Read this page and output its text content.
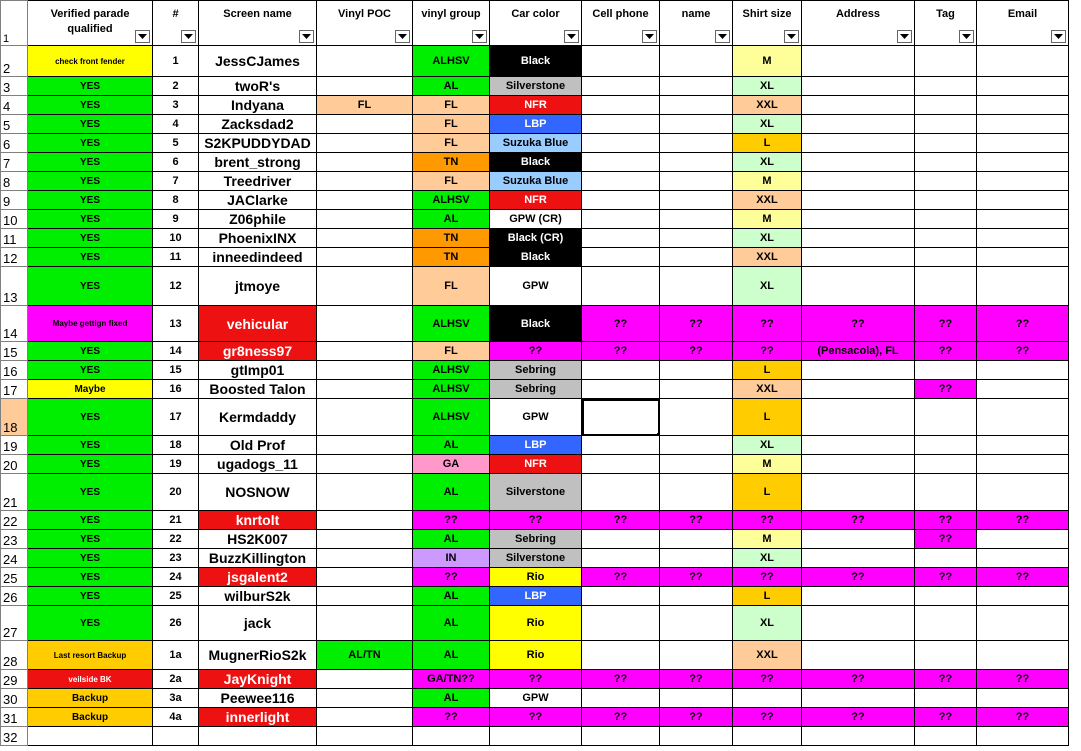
1	Verified parade qualified	#	Screen name	Vinyl POC	vinyl group	Car color	Cell phone	name	Shirt size	Address	Tag	Email

2	check front fender	1	JessCJames		ALHSV	Black			M			
3	YES	2	twoR's		AL	Silverstone			XL			
4	YES	3	Indyana	FL	FL	NFR			XXL			
5	YES	4	Zacksdad2		FL	LBP			XL			
6	YES	5	S2KPUDDYDAD		FL	Suzuka Blue			L			
7	YES	6	brent_strong		TN	Black			XL			
8	YES	7	Treedriver		FL	Suzuka Blue			M			
9	YES	8	JAClarke		ALHSV	NFR			XXL			
10	YES	9	Z06phile		AL	GPW (CR)			M			
11	YES	10	PhoenixINX		TN	Black (CR)			XL			
12	YES	11	inneedindeed		TN	Black			XXL			
13	YES	12	jtmoye		FL	GPW			XL			
14	Maybe gettign fixed	13	vehicular		ALHSV	Black	??	??	??	??	??	??
15	YES	14	gr8ness97		FL	??	??	??	??	(Pensacola), FL	??	??
16	YES	15	gtImp01		ALHSV	Sebring			L			
17	Maybe	16	Boosted Talon		ALHSV	Sebring			XXL		??	
18	YES	17	Kermdaddy		ALHSV	GPW			L			
19	YES	18	Old Prof		AL	LBP			XL			
20	YES	19	ugadogs_11		GA	NFR			M			
21	YES	20	NOSNOW		AL	Silverstone			L			
22	YES	21	knrtolt		??	??	??	??	??	??	??	??
23	YES	22	HS2K007		AL	Sebring			M		??	
24	YES	23	BuzzKillington		IN	Silverstone			XL			
25	YES	24	jsgalent2		??	Rio	??	??	??	??	??	??
26	YES	25	wilburS2k		AL	LBP			L			
27	YES	26	jack		AL	Rio			XL			
28	Last resort Backup	1a	MugnerRioS2k	AL/TN	AL	Rio			XXL			
29	veilside BK	2a	JayKnight		GA/TN??	??	??	??	??	??	??	??
30	Backup	3a	Peewee116		AL	GPW						
31	Backup	4a	innerlight		??	??	??	??	??	??	??	??
32												
